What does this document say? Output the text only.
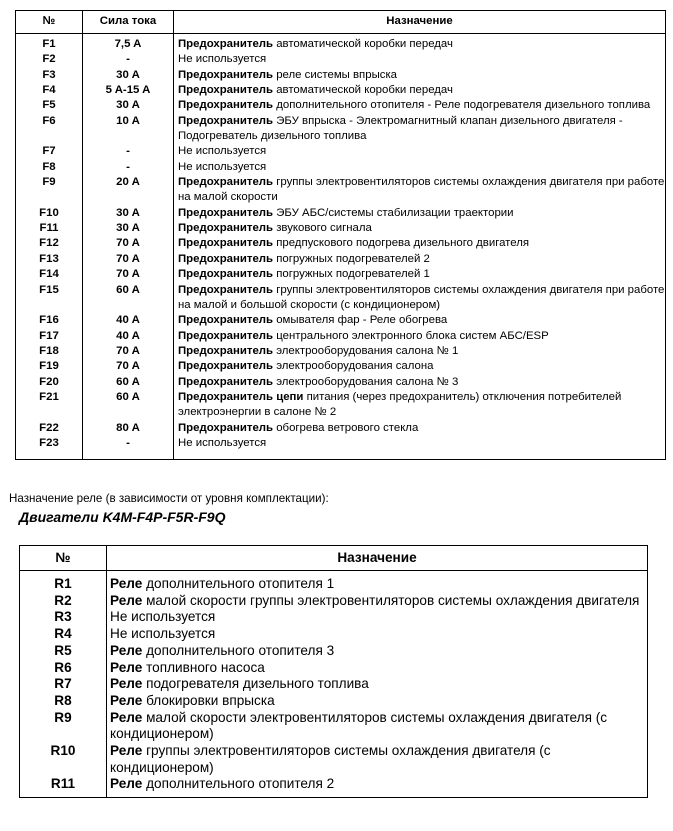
№	Сила тока	Назначение
F1	7,5 A	Предохранитель автоматической коробки передач
F2	-	Не используется
F3	30 A	Предохранитель реле системы впрыска
F4	5 A-15 A	Предохранитель автоматической коробки передач
F5	30 A	Предохранитель дополнительного отопителя - Реле подогревателя дизельного топлива
F6	10 A	Предохранитель ЭБУ впрыска - Электромагнитный клапан дизельного двигателя - Подогреватель дизельного топлива
F7	-	Не используется
F8	-	Не используется
F9	20 A	Предохранитель группы электровентиляторов системы охлаждения двигателя при работе на малой скорости
F10	30 A	Предохранитель ЭБУ АБС/системы стабилизации траектории
F11	30 A	Предохранитель звукового сигнала
F12	70 A	Предохранитель предпускового подогрева дизельного двигателя
F13	70 A	Предохранитель погружных подогревателей 2
F14	70 A	Предохранитель погружных подогревателей 1
F15	60 A	Предохранитель группы электровентиляторов системы охлаждения двигателя при работе на малой и большой скорости (с кондиционером)
F16	40 A	Предохранитель омывателя фар - Реле обогрева
F17	40 A	Предохранитель центрального электронного блока систем АБС/ESP
F18	70 A	Предохранитель электрооборудования салона № 1
F19	70 A	Предохранитель электрооборудования салона
F20	60 A	Предохранитель электрооборудования салона № 3
F21	60 A	Предохранитель цепи питания (через предохранитель) отключения потребителей электроэнергии в салоне № 2
F22	80 A	Предохранитель обогрева ветрового стекла
F23	-	Не используется
Назначение реле (в зависимости от уровня комплектации):
Двигатели K4M-F4P-F5R-F9Q
№	Назначение
R1	Реле дополнительного отопителя 1
R2	Реле малой скорости группы электровентиляторов системы охлаждения двигателя
R3	Не используется
R4	Не используется
R5	Реле дополнительного отопителя 3
R6	Реле топливного насоса
R7	Реле подогревателя дизельного топлива
R8	Реле блокировки впрыска
R9	Реле малой скорости электровентиляторов системы охлаждения двигателя (с кондиционером)
R10	Реле группы электровентиляторов системы охлаждения двигателя (с кондиционером)
R11	Реле дополнительного отопителя 2
